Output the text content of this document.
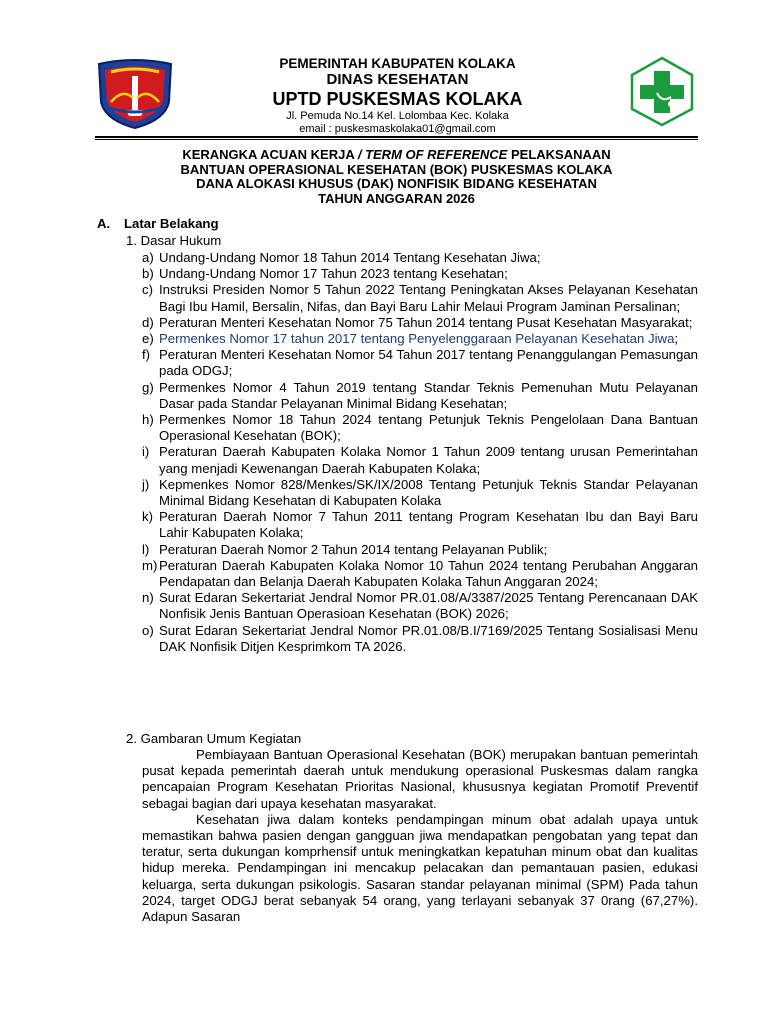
PEMERINTAH KABUPATEN KOLAKA
DINAS KESEHATAN
UPTD PUSKESMAS KOLAKA
Jl. Pemuda No.14 Kel. Lolombaa Kec. Kolaka
email : puskesmaskolaka01@gmail.com
KERANGKA ACUAN KERJA / TERM OF REFERENCE PELAKSANAAN
BANTUAN OPERASIONAL KESEHATAN (BOK) PUSKESMAS KOLAKA
DANA ALOKASI KHUSUS (DAK) NONFISIK BIDANG KESEHATAN
TAHUN ANGGARAN 2026
A. Latar Belakang
1. Dasar Hukum
a) Undang-Undang Nomor 18 Tahun 2014 Tentang Kesehatan Jiwa;
b) Undang-Undang Nomor 17 Tahun 2023 tentang Kesehatan;
c) Instruksi Presiden Nomor 5 Tahun 2022 Tentang Peningkatan Akses Pelayanan Kesehatan Bagi Ibu Hamil, Bersalin, Nifas, dan Bayi Baru Lahir Melaui Program Jaminan Persalinan;
d) Peraturan Menteri Kesehatan Nomor 75 Tahun 2014 tentang Pusat Kesehatan Masyarakat;
e) Permenkes Nomor 17 tahun 2017 tentang Penyelenggaraan Pelayanan Kesehatan Jiwa;
f) Peraturan Menteri Kesehatan Nomor 54 Tahun 2017 tentang Penanggulangan Pemasungan pada ODGJ;
g) Permenkes Nomor 4 Tahun 2019 tentang Standar Teknis Pemenuhan Mutu Pelayanan Dasar pada Standar Pelayanan Minimal Bidang Kesehatan;
h) Permenkes Nomor 18 Tahun 2024 tentang Petunjuk Teknis Pengelolaan Dana Bantuan Operasional Kesehatan (BOK);
i) Peraturan Daerah Kabupaten Kolaka Nomor 1 Tahun 2009 tentang urusan Pemerintahan yang menjadi Kewenangan Daerah Kabupaten Kolaka;
j) Kepmenkes Nomor 828/Menkes/SK/IX/2008 Tentang Petunjuk Teknis Standar Pelayanan Minimal Bidang Kesehatan di Kabupaten Kolaka
k) Peraturan Daerah Nomor 7 Tahun 2011 tentang Program Kesehatan Ibu dan Bayi Baru Lahir Kabupaten Kolaka;
l) Peraturan Daerah Nomor 2 Tahun 2014 tentang Pelayanan Publik;
m) Peraturan Daerah Kabupaten Kolaka Nomor 10 Tahun 2024 tentang Perubahan Anggaran Pendapatan dan Belanja Daerah Kabupaten Kolaka Tahun Anggaran 2024;
n) Surat Edaran Sekertariat Jendral Nomor PR.01.08/A/3387/2025 Tentang Perencanaan DAK Nonfisik Jenis Bantuan Operasioan Kesehatan (BOK) 2026;
o) Surat Edaran Sekertariat Jendral Nomor PR.01.08/B.I/7169/2025 Tentang Sosialisasi Menu DAK Nonfisik Ditjen Kesprimkom TA 2026.
2. Gambaran Umum Kegiatan

Pembiayaan Bantuan Operasional Kesehatan (BOK) merupakan bantuan pemerintah pusat kepada pemerintah daerah untuk mendukung operasional Puskesmas dalam rangka pencapaian Program Kesehatan Prioritas Nasional, khususnya kegiatan Promotif Preventif sebagai bagian dari upaya kesehatan masyarakat.

Kesehatan jiwa dalam konteks pendampingan minum obat adalah upaya untuk memastikan bahwa pasien dengan gangguan jiwa mendapatkan pengobatan yang tepat dan teratur, serta dukungan komprhensif untuk meningkatkan kepatuhan minum obat dan kualitas hidup mereka. Pendampingan ini mencakup pelacakan dan pemantauan pasien, edukasi keluarga, serta dukungan psikologis. Sasaran standar pelayanan minimal (SPM) Pada tahun 2024, target ODGJ berat sebanyak 54 orang, yang terlayani sebanyak 37 0rang (67,27%). Adapun Sasaran
